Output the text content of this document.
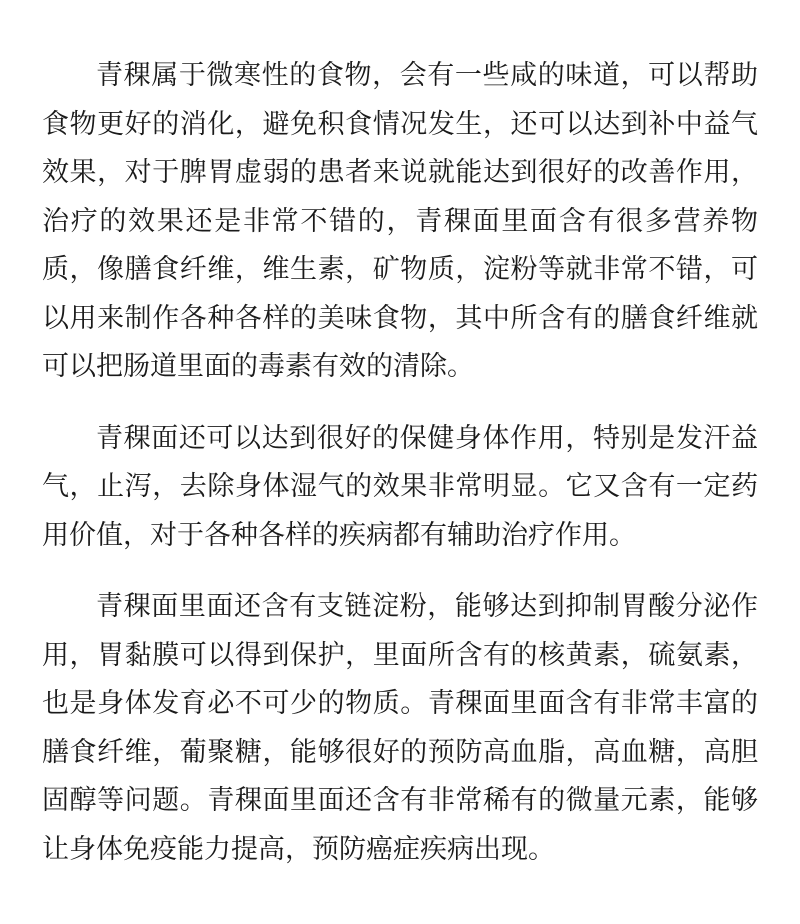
青稞属于微寒性的食物，会有一些咸的味道，可以帮助食物更好的消化，避免积食情况发生，还可以达到补中益气效果，对于脾胃虚弱的患者来说就能达到很好的改善作用，治疗的效果还是非常不错的，青稞面里面含有很多营养物质，像膳食纤维，维生素，矿物质，淀粉等就非常不错，可以用来制作各种各样的美味食物，其中所含有的膳食纤维就可以把肠道里面的毒素有效的清除。

青稞面还可以达到很好的保健身体作用，特别是发汗益气，止泻，去除身体湿气的效果非常明显。它又含有一定药用价值，对于各种各样的疾病都有辅助治疗作用。

青稞面里面还含有支链淀粉，能够达到抑制胃酸分泌作用，胃黏膜可以得到保护，里面所含有的核黄素，硫氨素，也是身体发育必不可少的物质。青稞面里面含有非常丰富的膳食纤维，葡聚糖，能够很好的预防高血脂，高血糖，高胆固醇等问题。青稞面里面还含有非常稀有的微量元素，能够让身体免疫能力提高，预防癌症疾病出现。
